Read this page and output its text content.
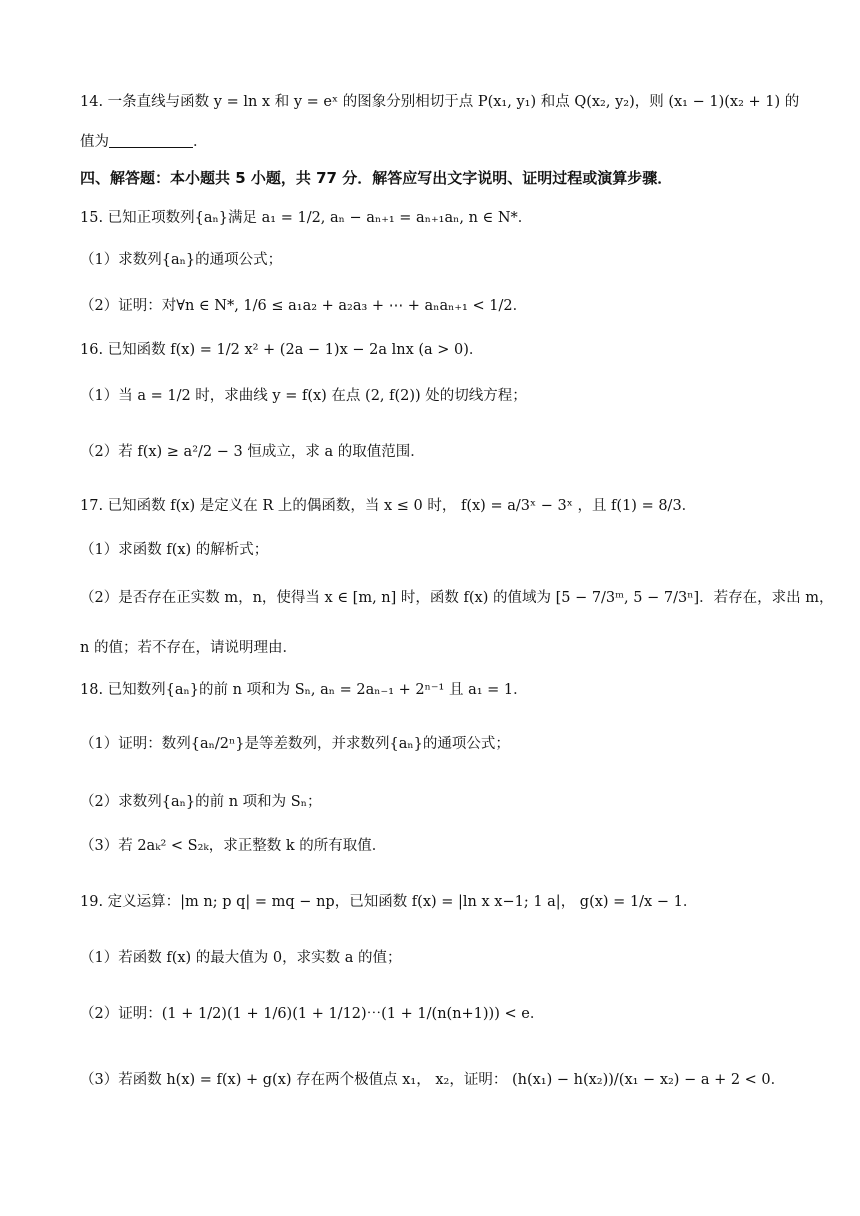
14. 一条直线与函数 y = ln x 和 y = eˣ 的图象分别相切于点 P(x₁, y₁) 和点 Q(x₂, y₂)，则 (x₁ − 1)(x₂ + 1) 的
值为	．
四、解答题：本小题共 5 小题，共 77 分．解答应写出文字说明、证明过程或演算步骤．
15. 已知正项数列{aₙ}满足 a₁ = 1/2, aₙ − aₙ₊₁ = aₙ₊₁aₙ, n ∈ N*．
（1）求数列{aₙ}的通项公式；
（2）证明：对∀n ∈ N*, 1/6 ≤ a₁a₂ + a₂a₃ + ⋯ + aₙaₙ₊₁ < 1/2．
16. 已知函数 f(x) = 1/2 x² + (2a − 1)x − 2a lnx (a > 0)．
（1）当 a = 1/2 时，求曲线 y = f(x) 在点 (2, f(2)) 处的切线方程；
（2）若 f(x) ≥ a²/2 − 3 恒成立，求 a 的取值范围．
17. 已知函数 f(x) 是定义在 R 上的偶函数，当 x ≤ 0 时， f(x) = a/3ˣ − 3ˣ ，且 f(1) = 8/3．
（1）求函数 f(x) 的解析式；
（2）是否存在正实数 m，n，使得当 x ∈ [m, n] 时，函数 f(x) 的值域为 [5 − 7/3ᵐ, 5 − 7/3ⁿ]．若存在，求出 m，
n 的值；若不存在，请说明理由．
18. 已知数列{aₙ}的前 n 项和为 Sₙ, aₙ = 2aₙ₋₁ + 2ⁿ⁻¹ 且 a₁ = 1．
（1）证明：数列{aₙ/2ⁿ}是等差数列，并求数列{aₙ}的通项公式；
（2）求数列{aₙ}的前 n 项和为 Sₙ；
（3）若 2aₖ² < S₂ₖ，求正整数 k 的所有取值．
19. 定义运算：|m n; p q| = mq − np，已知函数 f(x) = |ln x x−1; 1 a|， g(x) = 1/x − 1．
（1）若函数 f(x) 的最大值为 0，求实数 a 的值；
（2）证明：(1 + 1/2)(1 + 1/6)(1 + 1/12)⋯(1 + 1/(n(n+1))) < e．
（3）若函数 h(x) = f(x) + g(x) 存在两个极值点 x₁， x₂，证明： (h(x₁) − h(x₂))/(x₁ − x₂) − a + 2 < 0．
